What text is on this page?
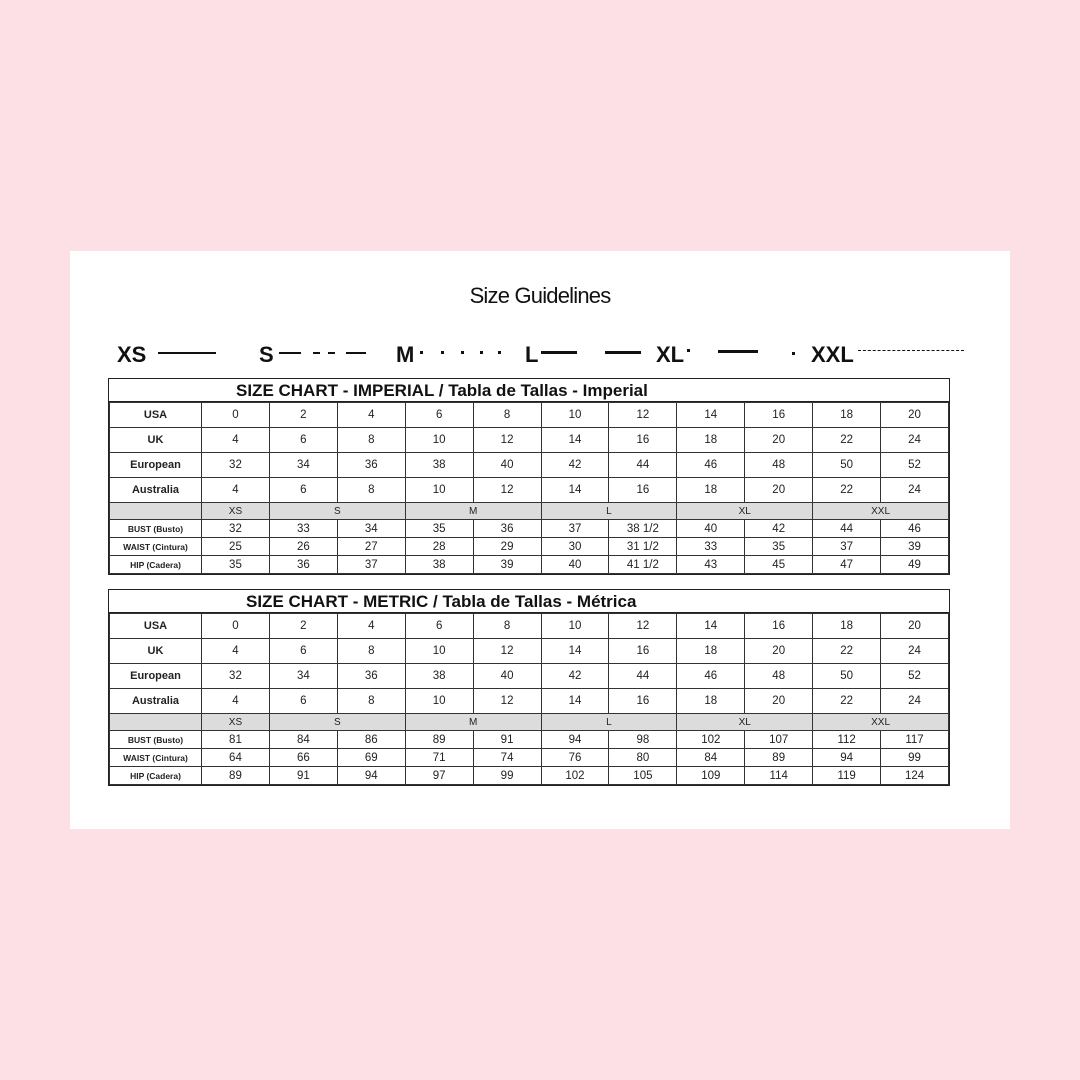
Size Guidelines
XS	S	M	L	XL	XXL
SIZE CHART - IMPERIAL / Tabla de Tallas - Imperial
USA	0	2	4	6	8	10	12	14	16	18	20
UK	4	6	8	10	12	14	16	18	20	22	24
European	32	34	36	38	40	42	44	46	48	50	52
Australia	4	6	8	10	12	14	16	18	20	22	24
	XS	S		M		L		XL		XXL	
BUST (Busto)	32	33	34	35	36	37	38 1/2	40	42	44	46
WAIST (Cintura)	25	26	27	28	29	30	31 1/2	33	35	37	39
HIP (Cadera)	35	36	37	38	39	40	41 1/2	43	45	47	49
SIZE CHART - METRIC / Tabla de Tallas - Métrica
USA	0	2	4	6	8	10	12	14	16	18	20
UK	4	6	8	10	12	14	16	18	20	22	24
European	32	34	36	38	40	42	44	46	48	50	52
Australia	4	6	8	10	12	14	16	18	20	22	24
	XS	S		M		L		XL		XXL	
BUST (Busto)	81	84	86	89	91	94	98	102	107	112	117
WAIST (Cintura)	64	66	69	71	74	76	80	84	89	94	99
HIP (Cadera)	89	91	94	97	99	102	105	109	114	119	124
